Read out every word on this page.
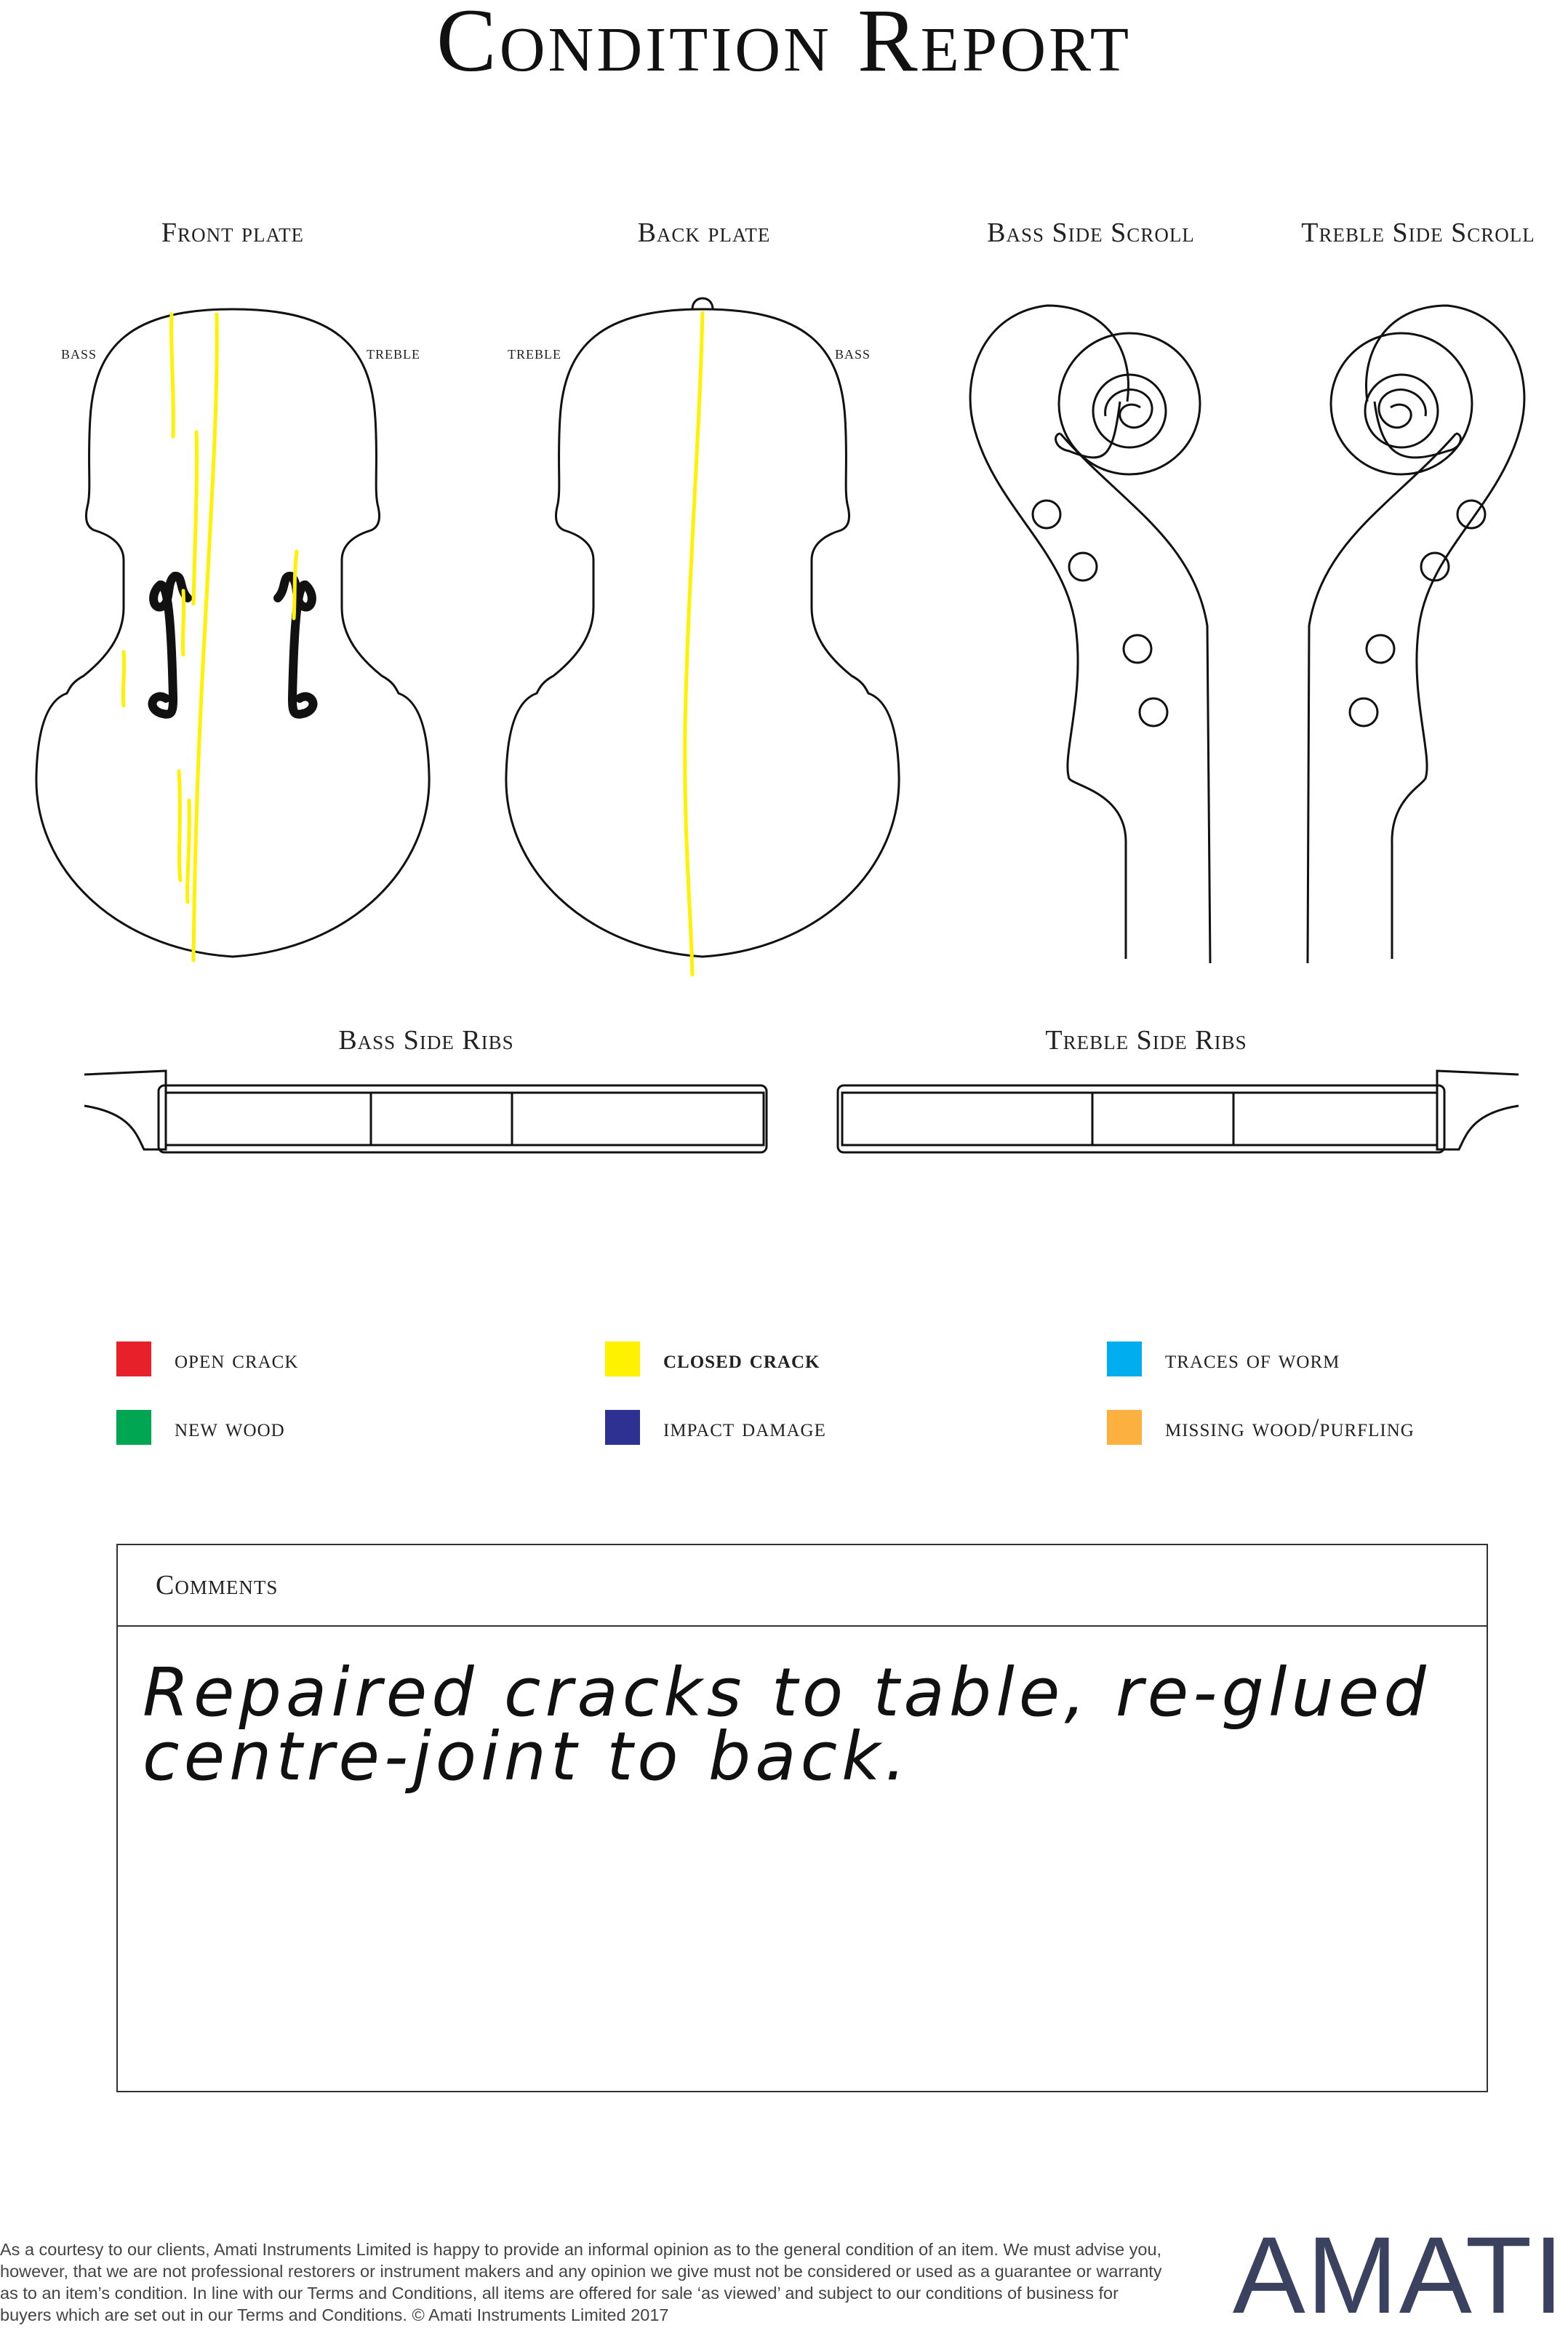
Condition Report
Front plate	Back plate	Bass Side Scroll	Treble Side Scroll
Bass Side Ribs	Treble Side Ribs
bass	treble	treble	bass
open crack	closed crack	traces of worm
new wood	impact damage	missing wood/purfling
Comments
Repaired cracks to table, re-glued
centre-joint to back.
As a courtesy to our clients, Amati Instruments Limited is happy to provide an informal opinion as to the general condition of an item. We must advise you, however, that we are not professional restorers or instrument makers and any opinion we give must not be considered or used as a guarantee or warranty as to an item’s condition. In line with our Terms and Conditions, all items are offered for sale ‘as viewed’ and subject to our conditions of business for buyers which are set out in our Terms and Conditions. © Amati Instruments Limited 2017	AMATI
